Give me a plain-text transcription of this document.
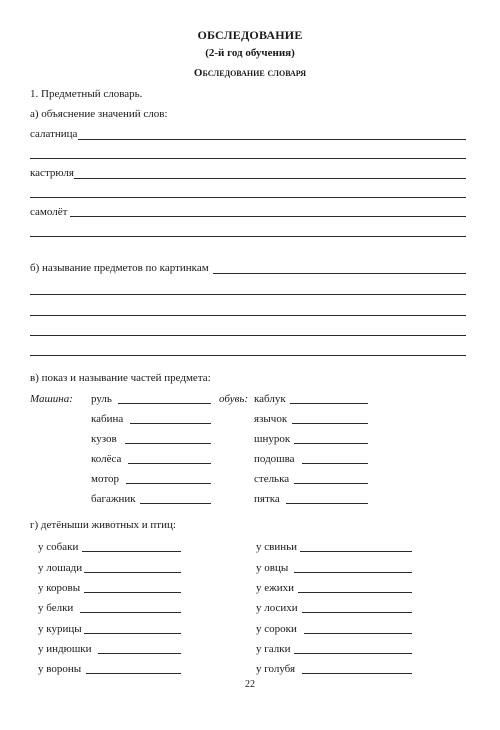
ОБСЛЕДОВАНИЕ
(2-й год обучения)
Обследование словаря
1. Предметный словарь.
а) объяснение значений слов:
салатница
кастрюля
самолёт
б) называние предметов по картинкам
в) показ и называние частей предмета:
Машина:	обувь:
руль
кабина
кузов
колёса
мотор
багажник
каблук
язычок
шнурок
подошва
стелька
пятка
г) детёныши животных и птиц:
у собаки
у лошади
у коровы
у белки
у курицы
у индюшки
у вороны
у свиньи
у овцы
у ежихи
у лосихи
у сороки
у галки
у голубя
22
